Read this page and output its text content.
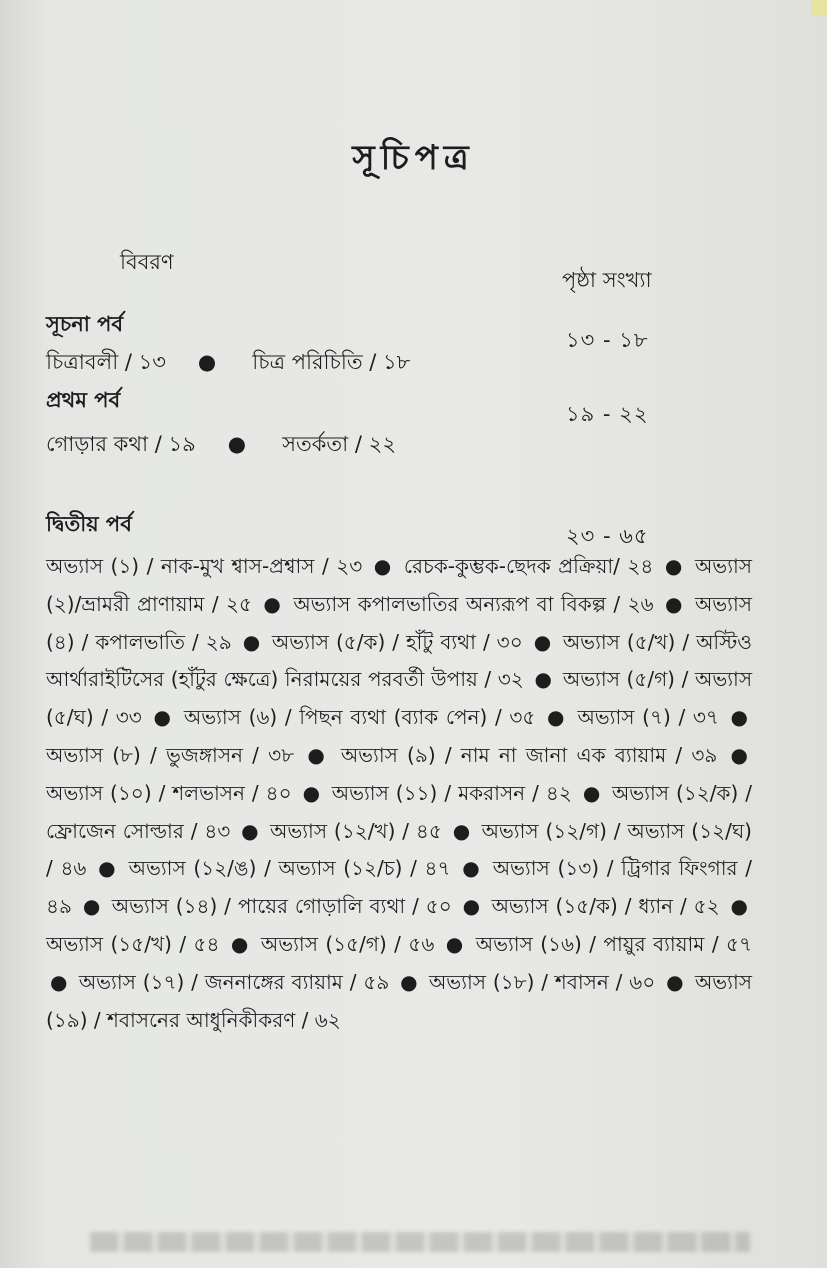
সূচিপত্র
বিবরণ
পৃষ্ঠা সংখ্যা
সূচনা পর্ব
১৩ - ১৮
চিত্রাবলী / ১৩ ● চিত্র পরিচিতি / ১৮
প্রথম পর্ব
১৯ - ২২
গোড়ার কথা / ১৯ ● সতর্কতা / ২২
দ্বিতীয় পর্ব	২৩ - ৬৫
অভ্যাস (১) / নাক-মুখ শ্বাস-প্রশ্বাস / ২৩ ● রেচক-কুম্ভক-ছেদক প্রক্রিয়া/ ২৪ ● অভ্যাস (২)/ভ্রামরী প্রাণায়াম / ২৫ ● অভ্যাস কপালভাতির অন্যরূপ বা বিকল্প / ২৬ ● অভ্যাস (৪) / কপালভাতি / ২৯ ● অভ্যাস (৫/ক) / হাঁটু ব্যথা / ৩০ ● অভ্যাস (৫/খ) / অস্টিও আর্থারাইটিসের (হাঁটুর ক্ষেত্রে) নিরাময়ের পরবর্তী উপায় / ৩২ ● অভ্যাস (৫/গ) / অভ্যাস (৫/ঘ) / ৩৩ ● অভ্যাস (৬) / পিছন ব্যথা (ব্যাক পেন) / ৩৫ ● অভ্যাস (৭) / ৩৭ ● অভ্যাস (৮) / ভুজঙ্গাসন / ৩৮ ● অভ্যাস (৯) / নাম না জানা এক ব্যায়াম / ৩৯ ● অভ্যাস (১০) / শলভাসন / ৪০ ● অভ্যাস (১১) / মকরাসন / ৪২ ● অভ্যাস (১২/ক) / ফ্রোজেন সোল্ডার / ৪৩ ● অভ্যাস (১২/খ) / ৪৫ ● অভ্যাস (১২/গ) / অভ্যাস (১২/ঘ) / ৪৬ ● অভ্যাস (১২/ঙ) / অভ্যাস (১২/চ) / ৪৭ ● অভ্যাস (১৩) / ট্রিগার ফিংগার / ৪৯ ● অভ্যাস (১৪) / পায়ের গোড়ালি ব্যথা / ৫০ ● অভ্যাস (১৫/ক) / ধ্যান / ৫২ ● অভ্যাস (১৫/খ) / ৫৪ ● অভ্যাস (১৫/গ) / ৫৬ ● অভ্যাস (১৬) / পায়ুর ব্যায়াম / ৫৭ ● অভ্যাস (১৭) / জননাঙ্গের ব্যায়াম / ৫৯ ● অভ্যাস (১৮) / শবাসন / ৬০ ● অভ্যাস (১৯) / শবাসনের আধুনিকীকরণ / ৬২
